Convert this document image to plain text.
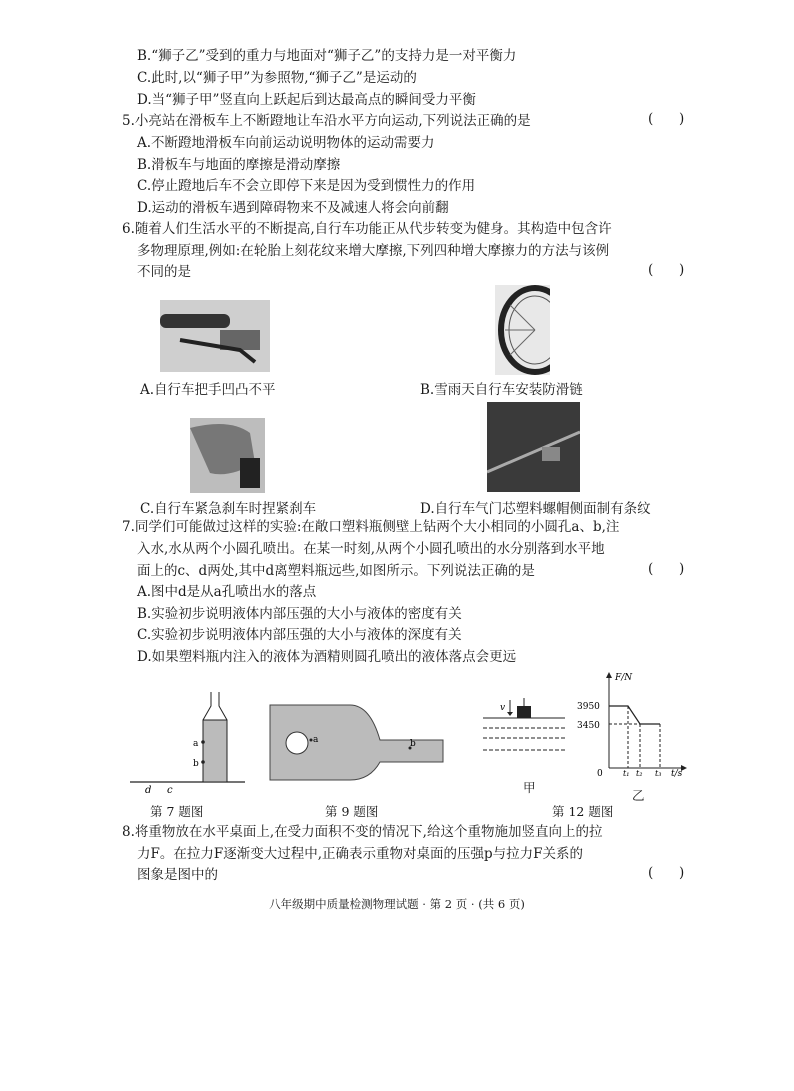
B.“狮子乙”受到的重力与地面对“狮子乙”的支持力是一对平衡力
C.此时,以“狮子甲”为参照物,“狮子乙”是运动的
D.当“狮子甲”竖直向上跃起后到达最高点的瞬间受力平衡
5.小亮站在滑板车上不断蹬地让车沿水平方向运动,下列说法正确的是	(      )
A.不断蹬地滑板车向前运动说明物体的运动需要力
B.滑板车与地面的摩擦是滑动摩擦
C.停止蹬地后车不会立即停下来是因为受到惯性力的作用
D.运动的滑板车遇到障碍物来不及减速人将会向前翻
6.随着人们生活水平的不断提高,自行车功能正从代步转变为健身。其构造中包含许
多物理原理,例如:在轮胎上刻花纹来增大摩擦,下列四种增大摩擦力的方法与该例
不同的是	(      )
A.自行车把手凹凸不平	B.雪雨天自行车安装防滑链
C.自行车紧急刹车时捏紧刹车	D.自行车气门芯塑料螺帽侧面制有条纹
7.同学们可能做过这样的实验:在敞口塑料瓶侧壁上钻两个大小相同的小圆孔a、b,注
入水,水从两个小圆孔喷出。在某一时刻,从两个小圆孔喷出的水分别落到水平地
面上的c、d两处,其中d离塑料瓶远些,如图所示。下列说法正确的是	(      )
A.图中d是从a孔喷出水的落点
B.实验初步说明液体内部压强的大小与液体的密度有关
C.实验初步说明液体内部压强的大小与液体的深度有关
D.如果塑料瓶内注入的液体为酒精则圆孔喷出的液体落点会更远
a
b
d c
a	b
v
F/N
t/s
0
3950
3450
t₁ t₂ t₃
第 7 题图	第 9 题图
甲
第 12 题图
乙
8.将重物放在水平桌面上,在受力面积不变的情况下,给这个重物施加竖直向上的拉
力F。在拉力F逐渐变大过程中,正确表示重物对桌面的压强p与拉力F关系的
图象是图中的	(      )
八年级期中质量检测物理试题 · 第 2 页 · (共 6 页)
